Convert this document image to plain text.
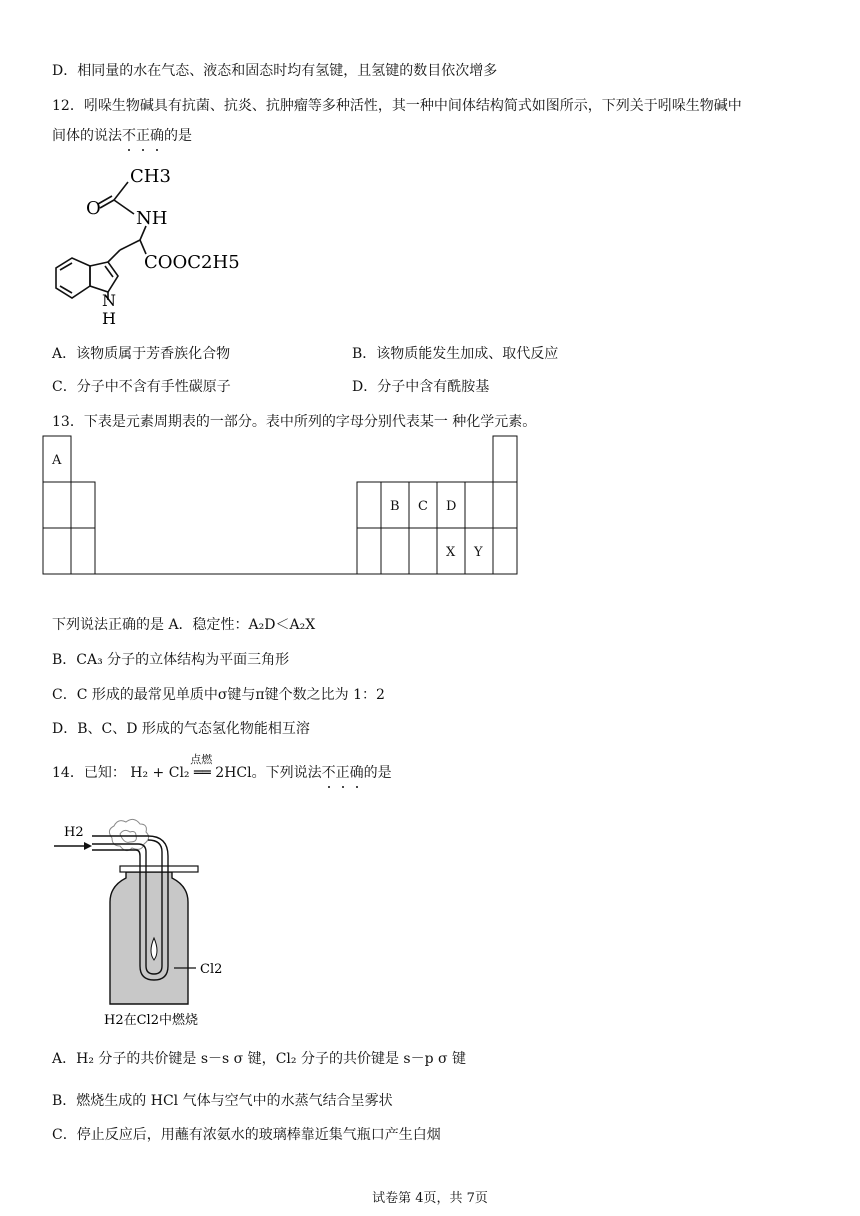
D．相同量的水在气态、液态和固态时均有氢键，且氢键的数目依次增多
12．吲哚生物碱具有抗菌、抗炎、抗肿瘤等多种活性，其一种中间体结构简式如图所示，下列关于吲哚生物碱中
间体的说法不正确的是
CH3
O NH
COOC2H5
N
H
A．该物质属于芳香族化合物	B．该物质能发生加成、取代反应
C．分子中不含有手性碳原子	D．分子中含有酰胺基
13．下表是元素周期表的一部分。表中所列的字母分别代表某一 种化学元素。
A
B C D
X Y
下列说法正确的是 A．稳定性：A₂D＜A₂X
B．CA₃ 分子的立体结构为平面三角形
C．C 形成的最常见单质中σ键与π键个数之比为 1：2
D．B、C、D 形成的气态氢化物能相互溶
14．已知：
点燃
H₂ + Cl₂ ══ 2HCl。下列说法不正确的是
H2
Cl2
H2在Cl2中燃烧
A．H₂ 分子的共价键是 s－s σ 键，Cl₂ 分子的共价键是 s－p σ 键
B．燃烧生成的 HCl 气体与空气中的水蒸气结合呈雾状
C．停止反应后，用蘸有浓氨水的玻璃棒靠近集气瓶口产生白烟
试卷第 4页，共 7页
